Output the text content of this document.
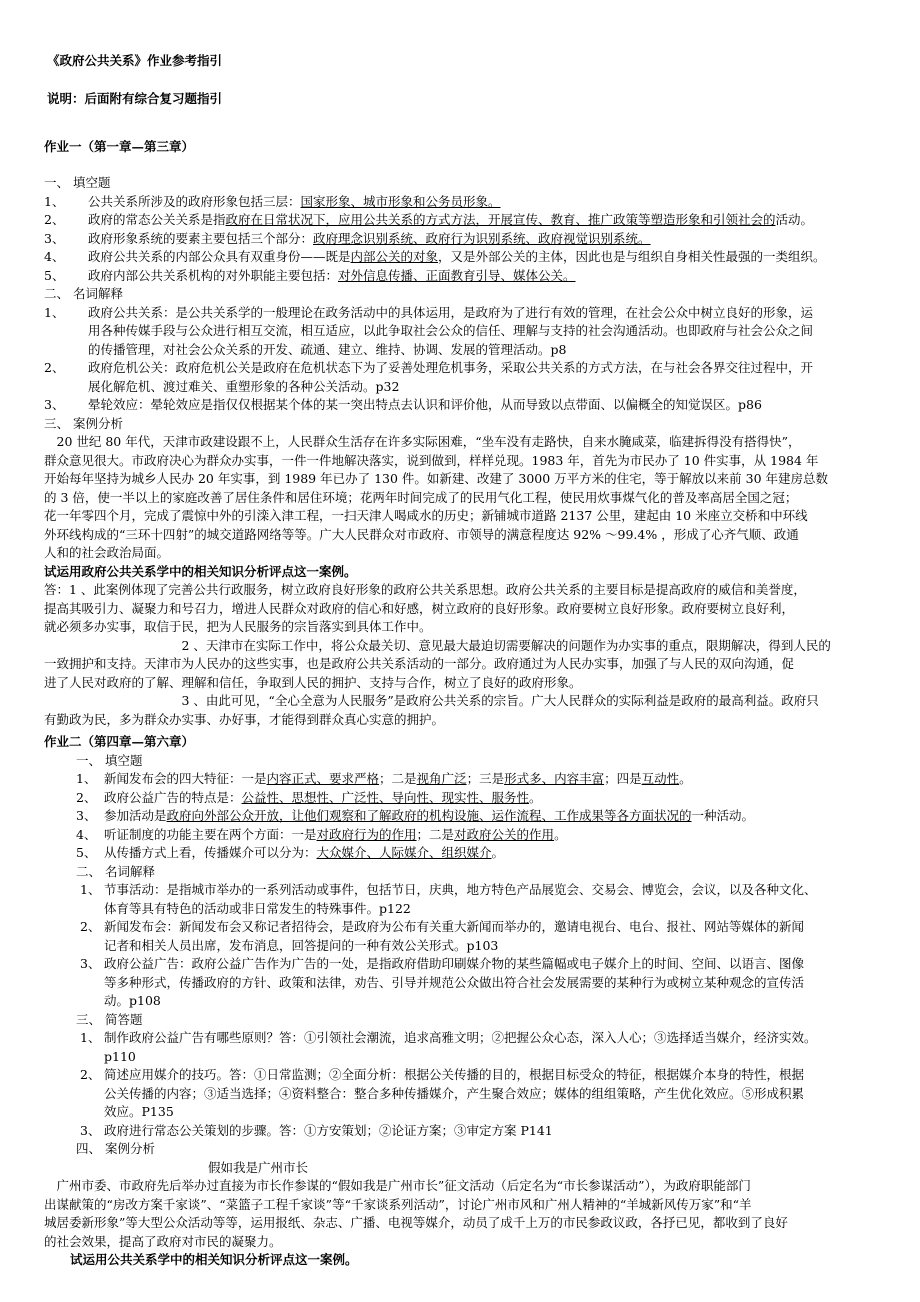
《政府公共关系》作业参考指引
说明：后面附有综合复习题指引
作业一（第一章—第三章）
一、 填空题
1、 公共关系所涉及的政府形象包括三层：国家形象、城市形象和公务员形象。
2、 政府的常态公关关系是指政府在日常状况下，应用公共关系的方式方法，开展宣传、教育、推广政策等塑造形象和引领社会的活动。
3、 政府形象系统的要素主要包括三个部分：政府理念识别系统、政府行为识别系统、政府视觉识别系统。
4、 政府公共关系的内部公众具有双重身份——既是内部公关的对象，又是外部公关的主体，因此也是与组织自身相关性最强的一类组织。
5、 政府内部公共关系机构的对外职能主要包括：对外信息传播、正面教育引导、媒体公关。
二、 名词解释
1、 政府公共关系：是公共关系学的一般理论在政务活动中的具体运用，是政府为了进行有效的管理，在社会公众中树立良好的形象，运
用各种传媒手段与公众进行相互交流，相互适应，以此争取社会公众的信任、理解与支持的社会沟通活动。也即政府与社会公众之间
的传播管理，对社会公众关系的开发、疏通、建立、维持、协调、发展的管理活动。p8
2、 政府危机公关：政府危机公关是政府在危机状态下为了妥善处理危机事务，采取公共关系的方式方法，在与社会各界交往过程中，开
展化解危机、渡过难关、重塑形象的各种公关活动。p32
3、 晕轮效应：晕轮效应是指仅仅根据某个体的某一突出特点去认识和评价他，从而导致以点带面、以偏概全的知觉误区。p86
三、 案例分析
　20 世纪 80 年代，天津市政建设跟不上，人民群众生活存在许多实际困难，“坐车没有走路快，自来水腌咸菜，临建拆得没有搭得快”，
群众意见很大。市政府决心为群众办实事，一件一件地解决落实，说到做到，样样兑现。1983 年，首先为市民办了 10 件实事，从 1984 年
开始每年坚持为城乡人民办 20 年实事，到 1989 年已办了 130 件。如新建、改建了 3000 万平方米的住宅，等于解放以来前 30 年建房总数
的 3 倍，使一半以上的家庭改善了居住条件和居住环境；花两年时间完成了的民用气化工程，使民用炊事煤气化的普及率高居全国之冠；
花一年零四个月，完成了震惊中外的引滦入津工程，一扫天津人喝咸水的历史；新铺城市道路 2137 公里，建起由 10 米座立交桥和中环线
外环线构成的“三环十四射”的城交道路网络等等。广大人民群众对市政府、市领导的满意程度达 92% ～99.4% ，形成了心齐气顺、政通
人和的社会政治局面。
试运用政府公共关系学中的相关知识分析评点这一案例。
答：1 、此案例体现了完善公共行政服务，树立政府良好形象的政府公共关系思想。政府公共关系的主要目标是提高政府的威信和美誉度，
提高其吸引力、凝聚力和号召力，增进人民群众对政府的信心和好感，树立政府的良好形象。政府要树立良好形象。政府要树立良好利，
就必须多办实事，取信于民，把为人民服务的宗旨落实到具体工作中。
　　　　　　　　　　　2 、天津市在实际工作中，将公众最关切、意见最大最迫切需要解决的问题作为办实事的重点，限期解决，得到人民的
一致拥护和支持。天津市为人民办的这些实事，也是政府公共关系活动的一部分。政府通过为人民办实事，加强了与人民的双向沟通，促
进了人民对政府的了解、理解和信任，争取到人民的拥护、支持与合作，树立了良好的政府形象。
　　　　　　　　　　　3 、由此可见，“全心全意为人民服务”是政府公共关系的宗旨。广大人民群众的实际利益是政府的最高利益。政府只
有勤政为民，多为群众办实事、办好事，才能得到群众真心实意的拥护。
作业二（第四章—第六章）
一、 填空题
1、 新闻发布会的四大特征：一是内容正式、要求严格；二是视角广泛；三是形式多、内容丰富；四是互动性。
2、 政府公益广告的特点是：公益性、思想性、广泛性、导向性、现实性、服务性。
3、 参加活动是政府向外部公众开放，让他们观察和了解政府的机构设施、运作流程、工作成果等各方面状况的一种活动。
4、 听证制度的功能主要在两个方面：一是对政府行为的作用；二是对政府公关的作用。
5、 从传播方式上看，传播媒介可以分为：大众媒介、人际媒介、组织媒介。
二、 名词解释
1、 节事活动：是指城市举办的一系列活动或事件，包括节日，庆典，地方特色产品展览会、交易会、博览会，会议，以及各种文化、
体育等具有特色的活动或非日常发生的特殊事件。p122
2、 新闻发布会：新闻发布会又称记者招待会，是政府为公布有关重大新闻而举办的，邀请电视台、电台、报社、网站等媒体的新闻
记者和相关人员出席，发布消息，回答提问的一种有效公关形式。p103
3、 政府公益广告：政府公益广告作为广告的一处，是指政府借助印刷媒介物的某些篇幅或电子媒介上的时间、空间、以语言、图像
等多种形式，传播政府的方针、政策和法律，劝告、引导并规范公众做出符合社会发展需要的某种行为或树立某种观念的宣传活
动。p108
三、 简答题
1、 制作政府公益广告有哪些原则？答：①引领社会潮流，追求高雅文明；②把握公众心态，深入人心；③选择适当媒介，经济实效。
p110
2、 简述应用媒介的技巧。答：①日常监测；②全面分析：根据公关传播的目的，根据目标受众的特征，根据媒介本身的特性，根据
公关传播的内容；③适当选择；④资料整合：整合多种传播媒介，产生聚合效应；媒体的组组策略，产生优化效应。⑤形成积累
效应。P135
3、 政府进行常态公关策划的步骤。答：①方安策划；②论证方案；③审定方案 P141
四、 案例分析
假如我是广州市长
　广州市委、市政府先后举办过直接为市长作参谋的“假如我是广州市长”征文活动（后定名为“市长参谋活动”），为政府职能部门
出谋献策的“房改方案千家谈”、“菜篮子工程千家谈”等“千家谈系列活动”，讨论广州市风和广州人精神的“羊城新风传万家”和“羊
城居委新形象”等大型公众活动等等，运用报纸、杂志、广播、电视等媒介，动员了成千上万的市民参政议政，各抒已见，都收到了良好
的社会效果，提高了政府对市民的凝聚力。
试运用公共关系学中的相关知识分析评点这一案例。
